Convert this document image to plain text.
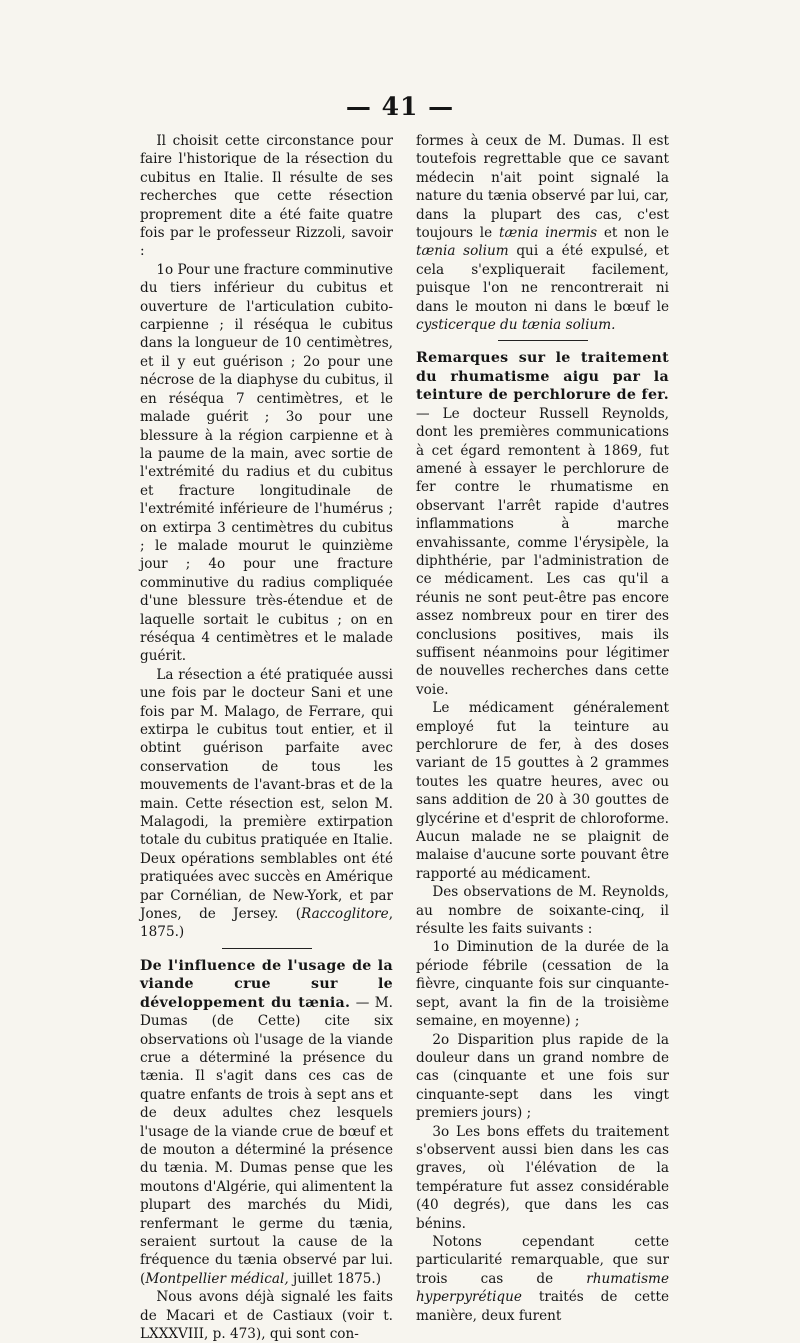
— 41 —

Il choisit cette circonstance pour faire l'historique de la résection du cubitus en Italie. Il résulte de ses recherches que cette résection proprement dite a été faite quatre fois par le professeur Rizzoli, savoir :

1o Pour une fracture comminutive du tiers inférieur du cubitus et ouverture de l'articulation cubito-carpienne ; il réséqua le cubitus dans la longueur de 10 centimètres, et il y eut guérison ; 2o pour une nécrose de la diaphyse du cubitus, il en réséqua 7 centimètres, et le malade guérit ; 3o pour une blessure à la région carpienne et à la paume de la main, avec sortie de l'extrémité du radius et du cubitus et fracture longitudinale de l'extrémité inférieure de l'humérus ; on extirpa 3 centimètres du cubitus ; le malade mourut le quinzième jour ; 4o pour une fracture comminutive du radius compliquée d'une blessure très-étendue et de laquelle sortait le cubitus ; on en réséqua 4 centimètres et le malade guérit.

La résection a été pratiquée aussi une fois par le docteur Sani et une fois par M. Malago, de Ferrare, qui extirpa le cubitus tout entier, et il obtint guérison parfaite avec conservation de tous les mouvements de l'avant-bras et de la main. Cette résection est, selon M. Malagodi, la première extirpation totale du cubitus pratiquée en Italie. Deux opérations semblables ont été pratiquées avec succès en Amérique par Cornélian, de New-York, et par Jones, de Jersey. (Raccoglitore, 1875.)

De l'influence de l'usage de la viande crue sur le développement du tænia. — M. Dumas (de Cette) cite six observations où l'usage de la viande crue a déterminé la présence du tænia. Il s'agit dans ces cas de quatre enfants de trois à sept ans et de deux adultes chez lesquels l'usage de la viande crue de bœuf et de mouton a déterminé la présence du tænia. M. Dumas pense que les moutons d'Algérie, qui alimentent la plupart des marchés du Midi, renfermant le germe du tænia, seraient surtout la cause de la fréquence du tænia observé par lui. (Montpellier médical, juillet 1875.)

Nous avons déjà signalé les faits de Macari et de Castiaux (voir t. LXXXVIII, p. 473), qui sont con-

formes à ceux de M. Dumas. Il est toutefois regrettable que ce savant médecin n'ait point signalé la nature du tænia observé par lui, car, dans la plupart des cas, c'est toujours le tænia inermis et non le tænia solium qui a été expulsé, et cela s'expliquerait facilement, puisque l'on ne rencontrerait ni dans le mouton ni dans le bœuf le cysticerque du tænia solium.

Remarques sur le traitement du rhumatisme aigu par la teinture de perchlorure de fer. — Le docteur Russell Reynolds, dont les premières communications à cet égard remontent à 1869, fut amené à essayer le perchlorure de fer contre le rhumatisme en observant l'arrêt rapide d'autres inflammations à marche envahissante, comme l'érysipèle, la diphthérie, par l'administration de ce médicament. Les cas qu'il a réunis ne sont peut-être pas encore assez nombreux pour en tirer des conclusions positives, mais ils suffisent néanmoins pour légitimer de nouvelles recherches dans cette voie.

Le médicament généralement employé fut la teinture au perchlorure de fer, à des doses variant de 15 gouttes à 2 grammes toutes les quatre heures, avec ou sans addition de 20 à 30 gouttes de glycérine et d'esprit de chloroforme. Aucun malade ne se plaignit de malaise d'aucune sorte pouvant être rapporté au médicament.

Des observations de M. Reynolds, au nombre de soixante-cinq, il résulte les faits suivants :

1o Diminution de la durée de la période fébrile (cessation de la fièvre, cinquante fois sur cinquante-sept, avant la fin de la troisième semaine, en moyenne) ;

2o Disparition plus rapide de la douleur dans un grand nombre de cas (cinquante et une fois sur cinquante-sept dans les vingt premiers jours) ;

3o Les bons effets du traitement s'observent aussi bien dans les cas graves, où l'élévation de la température fut assez considérable (40 degrés), que dans les cas bénins.

Notons cependant cette particularité remarquable, que sur trois cas de rhumatisme hyperpyrétique traités de cette manière, deux furent
